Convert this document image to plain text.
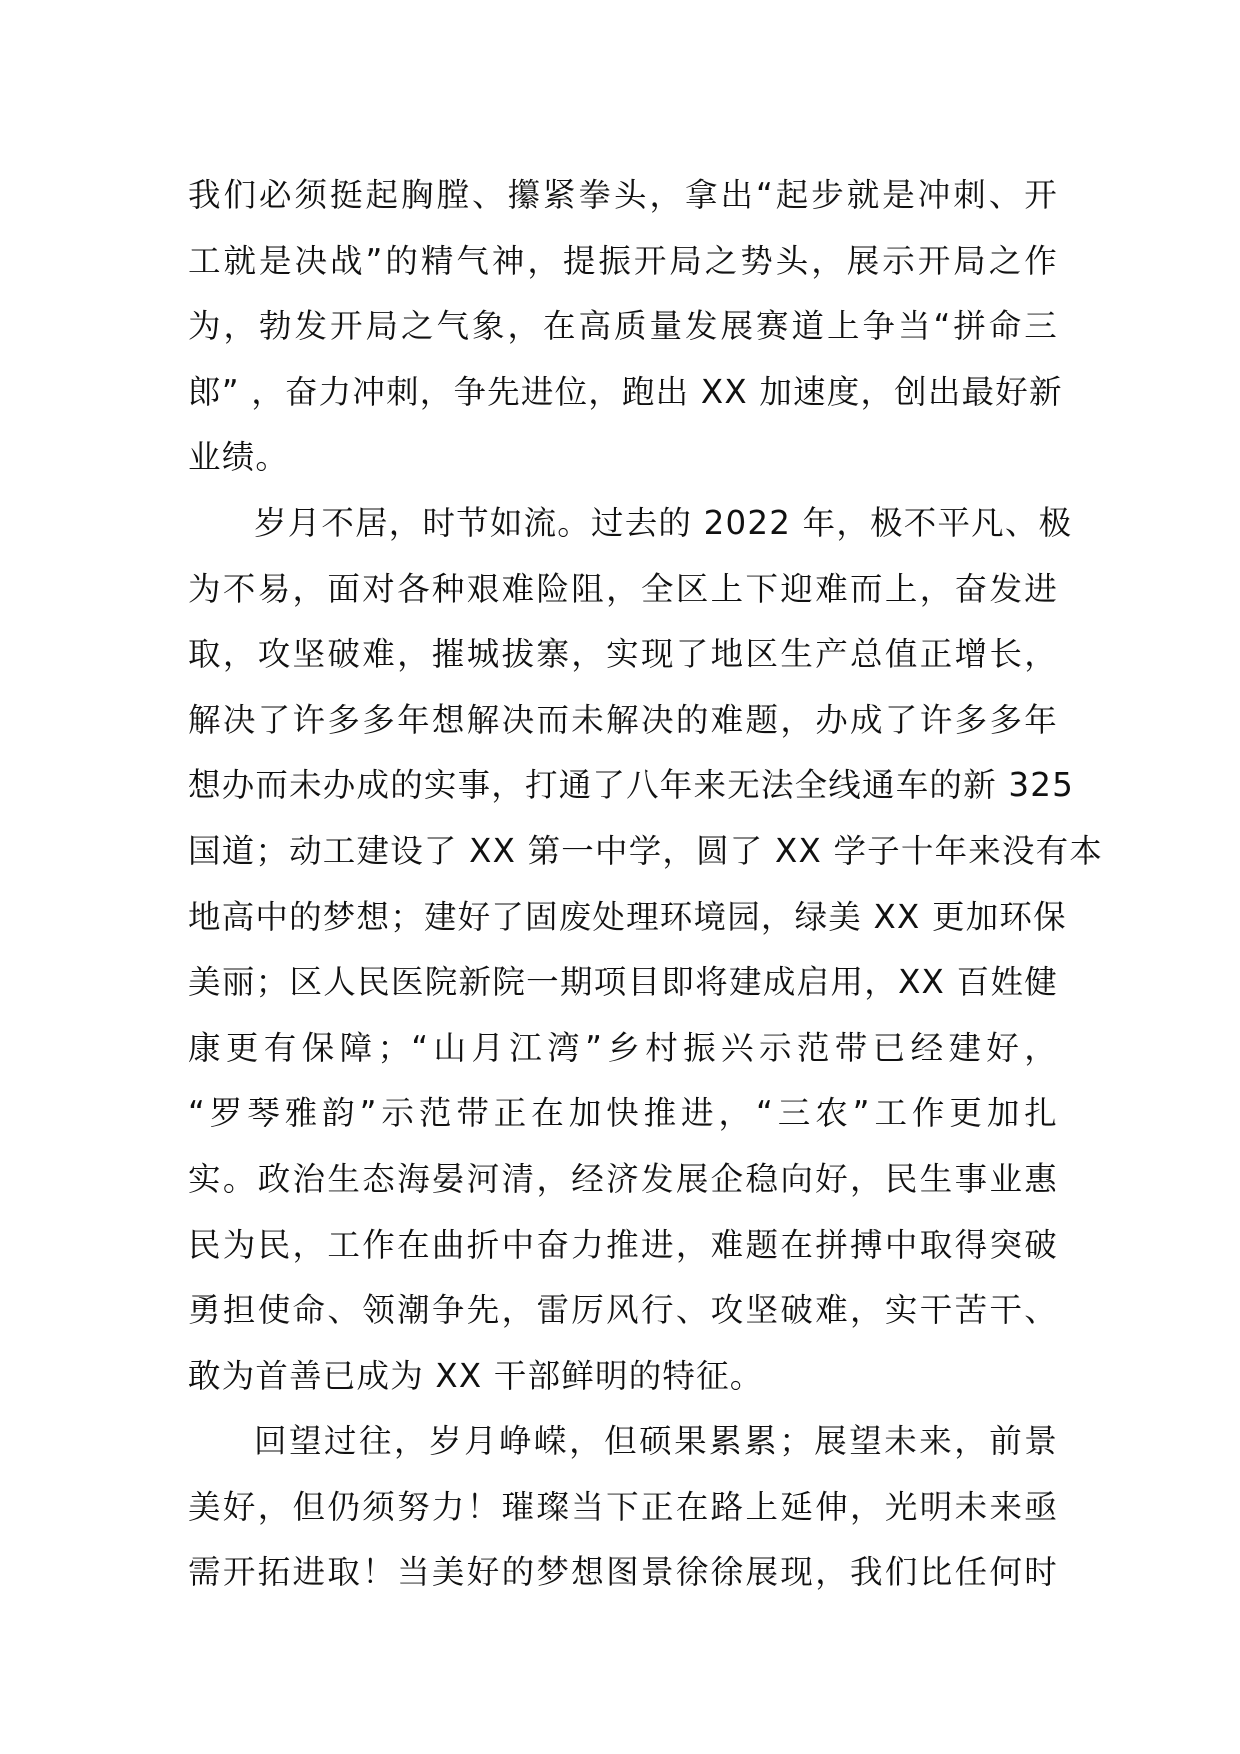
我们必须挺起胸膛、攥紧拳头，拿出“起步就是冲刺、开
工就是决战”的精气神，提振开局之势头，展示开局之作
为，勃发开局之气象，在高质量发展赛道上争当“拼命三
郎” ，奋力冲刺，争先进位，跑出 XX 加速度，创出最好新
业绩。
岁月不居，时节如流。过去的 2022 年，极不平凡、极
为不易，面对各种艰难险阻，全区上下迎难而上，奋发进
取，攻坚破难，摧城拔寨，实现了地区生产总值正增长，
解决了许多多年想解决而未解决的难题，办成了许多多年
想办而未办成的实事，打通了八年来无法全线通车的新 325
国道；动工建设了 XX 第一中学，圆了 XX 学子十年来没有本
地高中的梦想；建好了固废处理环境园，绿美 XX 更加环保
美丽；区人民医院新院一期项目即将建成启用，XX 百姓健
康更有保障；“山月江湾”乡村振兴示范带已经建好，
“罗琴雅韵”示范带正在加快推进，“三农”工作更加扎
实。政治生态海晏河清，经济发展企稳向好，民生事业惠
民为民，工作在曲折中奋力推进，难题在拼搏中取得突破
勇担使命、领潮争先，雷厉风行、攻坚破难，实干苦干、
敢为首善已成为 XX 干部鲜明的特征。
回望过往，岁月峥嵘，但硕果累累；展望未来，前景
美好，但仍须努力！璀璨当下正在路上延伸，光明未来亟
需开拓进取！当美好的梦想图景徐徐展现，我们比任何时
